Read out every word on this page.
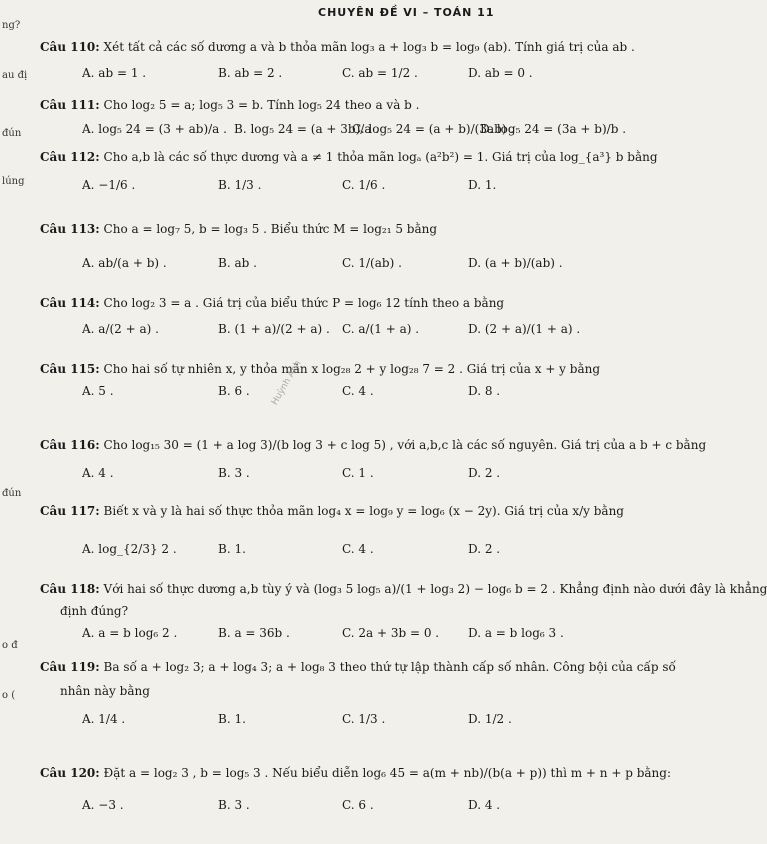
CHUYÊN ĐỀ VI – TOÁN 11
ng?
au đị
đún
lúng
đún
o đ
o (
Câu 110: Xét tất cả các số dương a và b thỏa mãn log₃ a + log₃ b = log₉ (ab). Tính giá trị của ab .
A. ab = 1 .	B. ab = 2 .	C. ab = 1/2 .	D. ab = 0 .
Câu 111: Cho log₂ 5 = a; log₅ 3 = b. Tính log₅ 24 theo a và b .
A. log₅ 24 = (3 + ab)/a . B. log₅ 24 = (a + 3b)/a .
C. log₅ 24 = (a + b)/(3ab) .
D. log₅ 24 = (3a + b)/b .
Câu 112: Cho a,b là các số thực dương và a ≠ 1 thỏa mãn logₐ (a²b²) = 1. Giá trị của log_{a³} b bằng
A. −1/6 .	B. 1/3 .	C. 1/6 .	D. 1.
Câu 113: Cho a = log₇ 5, b = log₃ 5 . Biểu thức M = log₂₁ 5 bằng
A. ab/(a + b) .	B. ab .	C. 1/(ab) .	D. (a + b)/(ab) .
Câu 114: Cho log₂ 3 = a . Giá trị của biểu thức P = log₆ 12 tính theo a bằng
A. a/(2 + a) .	B. (1 + a)/(2 + a) . C. a/(1 + a) .	D. (2 + a)/(1 + a) .
Câu 115: Cho hai số tự nhiên x, y thỏa mãn x log₂₈ 2 + y log₂₈ 7 = 2 . Giá trị của x + y bằng
A. 5 .	B. 6 .	C. 4 .	D. 8 .
Câu 116: Cho log₁₅ 30 = (1 + a log 3)/(b log 3 + c log 5) , với a,b,c là các số nguyên. Giá trị của a b + c bằng
A. 4 .	B. 3 .	C. 1 .	D. 2 .
Câu 117: Biết x và y là hai số thực thỏa mãn log₄ x = log₉ y = log₆ (x − 2y). Giá trị của x/y bằng
A. log_{2/3} 2 .	B. 1.	C. 4 .	D. 2 .
Câu 118: Với hai số thực dương a,b tùy ý và (log₃ 5 log₅ a)/(1 + log₃ 2) − log₆ b = 2 . Khẳng định nào dưới đây là khẳng
định đúng?
A. a = b log₆ 2 .	B. a = 36b .	C. 2a + 3b = 0 . D. a = b log₆ 3 .
Câu 119: Ba số a + log₂ 3; a + log₄ 3; a + log₈ 3 theo thứ tự lập thành cấp số nhân. Công bội của cấp số
nhân này bằng
A. 1/4 .	B. 1.	C. 1/3 .	D. 1/2 .
Câu 120: Đặt a = log₂ 3 , b = log₅ 3 . Nếu biểu diễn log₆ 45 = a(m + nb)/(b(a + p)) thì m + n + p bằng:
A. −3 .	B. 3 .	C. 6 .	D. 4 .
Huỳnh Anh
